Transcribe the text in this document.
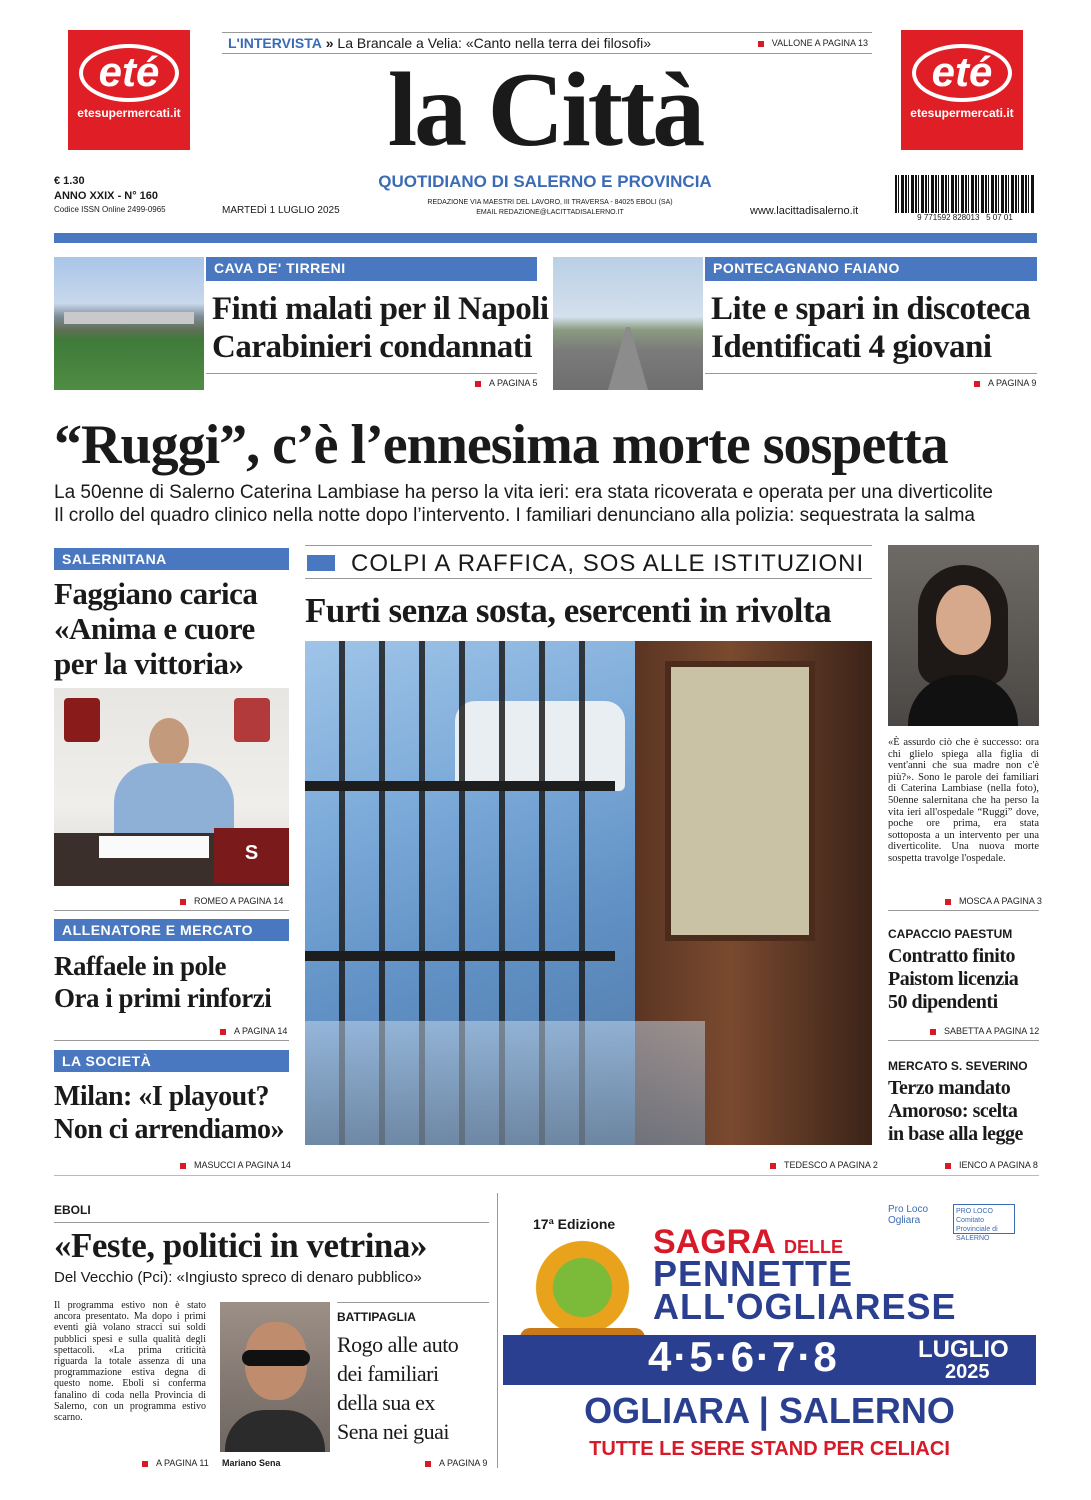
eté
etesupermercati.it
eté
etesupermercati.it
L'INTERVISTA » La Brancale a Velia: «Canto nella terra dei filosofi»	VALLONE A PAGINA 13
la Città
QUOTIDIANO DI SALERNO E PROVINCIA
€ 1.30
ANNO XXIX - N° 160
Codice ISSN Online 2499-0965	MARTEDÌ 1 LUGLIO 2025
REDAZIONE VIA MAESTRI DEL LAVORO, III TRAVERSA - 84025 EBOLI (SA)
EMAIL REDAZIONE@LACITTADISALERNO.IT	www.lacittadisalerno.it
9 771592 828013   5 07 01
CAVA DE' TIRRENI
Finti malati per il Napoli
Carabinieri condannati
A PAGINA 5
PONTECAGNANO FAIANO
Lite e spari in discoteca
Identificati 4 giovani
A PAGINA 9
“Ruggi”, c’è l’ennesima morte sospetta
La 50enne di Salerno Caterina Lambiase ha perso la vita ieri: era stata ricoverata e operata per una diverticolite
Il crollo del quadro clinico nella notte dopo l’intervento. I familiari denunciano alla polizia: sequestrata la salma
SALERNITANA
Faggiano carica
«Anima e cuore
per la vittoria»
S
ROMEO A PAGINA 14
ALLENATORE E MERCATO
Raffaele in pole
Ora i primi rinforzi
A PAGINA 14
LA SOCIETÀ
Milan: «I playout?
Non ci arrendiamo»
MASUCCI A PAGINA 14
COLPI A RAFFICA, SOS ALLE ISTITUZIONI
Furti senza sosta, esercenti in rivolta
TEDESCO A PAGINA 2
«È assurdo ciò che è successo: ora chi glielo spiega alla figlia di vent'anni che sua madre non c'è più?». Sono le parole dei familiari di Caterina Lambiase (nella foto), 50enne salernitana che ha perso la vita ieri all'ospedale “Ruggi” dove, poche ore prima, era stata sottoposta a un intervento per una diverticolite. Una nuova morte sospetta travolge l'ospedale.
MOSCA A PAGINA 3
CAPACCIO PAESTUM
Contratto finito
Paistom licenzia
50 dipendenti
SABETTA A PAGINA 12
MERCATO S. SEVERINO
Terzo mandato
Amoroso: scelta
in base alla legge
IENCO A PAGINA 8
EBOLI
«Feste, politici in vetrina»
Del Vecchio (Pci): «Ingiusto spreco di denaro pubblico»
Il programma estivo non è stato ancora presentato. Ma dopo i primi eventi già volano stracci sui soldi pubblici spesi e sulla qualità degli spettacoli. «La prima criticità riguarda la totale assenza di una programmazione estiva degna di questo nome. Eboli si conferma fanalino di coda nella Provincia di Salerno, con un programma estivo scarno.
A PAGINA 11 Mariano Sena
BATTIPAGLIA
Rogo alle auto
dei familiari
della sua ex
Sena nei guai
A PAGINA 9
17ª Edizione
Pro Loco Ogliara
PRO LOCO Comitato Provinciale di SALERNO
SAGRA DELLE
PENNETTE
ALL'OGLIARESE
4·5·6·7·8	LUGLIO
2025
OGLIARA | SALERNO
TUTTE LE SERE STAND PER CELIACI
